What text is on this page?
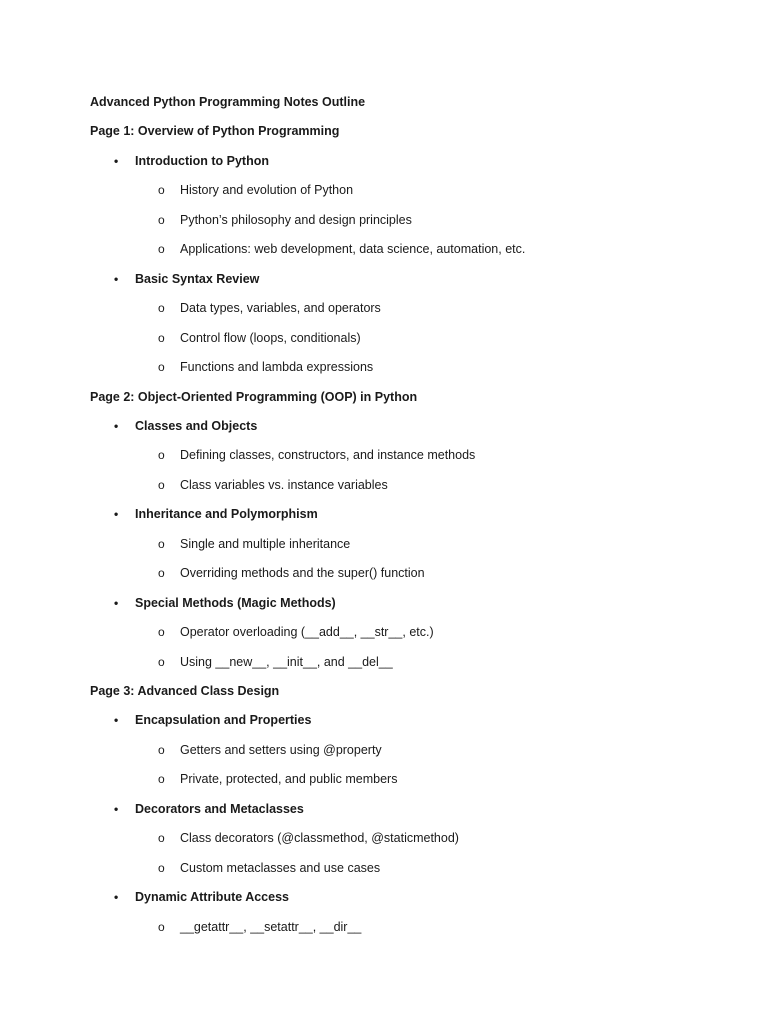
Advanced Python Programming Notes Outline
Page 1: Overview of Python Programming
• Introduction to Python
o History and evolution of Python
o Python’s philosophy and design principles
o Applications: web development, data science, automation, etc.
• Basic Syntax Review
o Data types, variables, and operators
o Control flow (loops, conditionals)
o Functions and lambda expressions
Page 2: Object-Oriented Programming (OOP) in Python
• Classes and Objects
o Defining classes, constructors, and instance methods
o Class variables vs. instance variables
• Inheritance and Polymorphism
o Single and multiple inheritance
o Overriding methods and the super() function
• Special Methods (Magic Methods)
o Operator overloading (__add__, __str__, etc.)
o Using __new__, __init__, and __del__
Page 3: Advanced Class Design
• Encapsulation and Properties
o Getters and setters using @property
o Private, protected, and public members
• Decorators and Metaclasses
o Class decorators (@classmethod, @staticmethod)
o Custom metaclasses and use cases
• Dynamic Attribute Access
o __getattr__, __setattr__, __dir__
